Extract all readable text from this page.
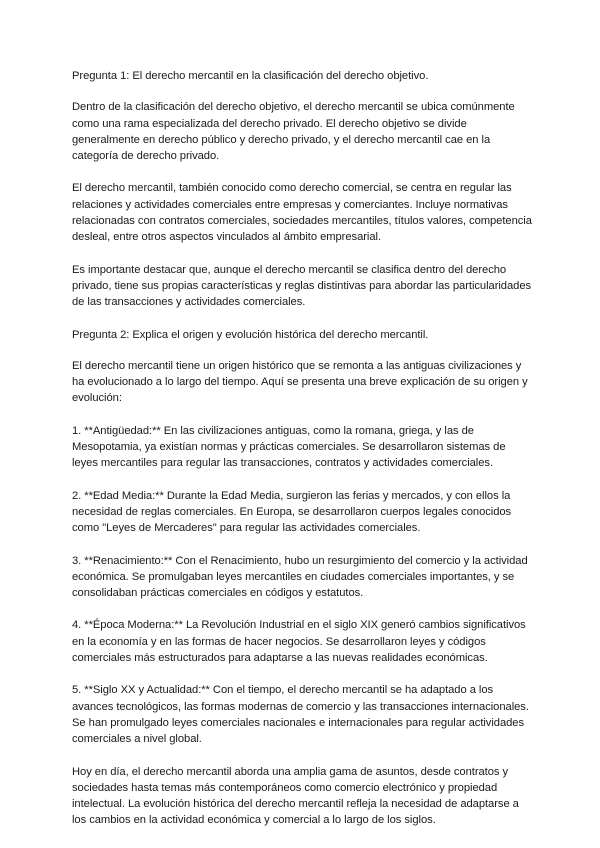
Pregunta 1: El derecho mercantil en la clasificación del derecho objetivo.

Dentro de la clasificación del derecho objetivo, el derecho mercantil se ubica comúnmente como una rama especializada del derecho privado. El derecho objetivo se divide generalmente en derecho público y derecho privado, y el derecho mercantil cae en la categoría de derecho privado.

El derecho mercantil, también conocido como derecho comercial, se centra en regular las relaciones y actividades comerciales entre empresas y comerciantes. Incluye normativas relacionadas con contratos comerciales, sociedades mercantiles, títulos valores, competencia desleal, entre otros aspectos vinculados al ámbito empresarial.

Es importante destacar que, aunque el derecho mercantil se clasifica dentro del derecho privado, tiene sus propias características y reglas distintivas para abordar las particularidades de las transacciones y actividades comerciales.

Pregunta 2: Explica el origen y evolución histórica del derecho mercantil.

El derecho mercantil tiene un origen histórico que se remonta a las antiguas civilizaciones y ha evolucionado a lo largo del tiempo. Aquí se presenta una breve explicación de su origen y evolución:

1. **Antigüedad:** En las civilizaciones antiguas, como la romana, griega, y las de Mesopotamia, ya existían normas y prácticas comerciales. Se desarrollaron sistemas de leyes mercantiles para regular las transacciones, contratos y actividades comerciales.

2. **Edad Media:** Durante la Edad Media, surgieron las ferias y mercados, y con ellos la necesidad de reglas comerciales. En Europa, se desarrollaron cuerpos legales conocidos como "Leyes de Mercaderes" para regular las actividades comerciales.

3. **Renacimiento:** Con el Renacimiento, hubo un resurgimiento del comercio y la actividad económica. Se promulgaban leyes mercantiles en ciudades comerciales importantes, y se consolidaban prácticas comerciales en códigos y estatutos.

4. **Época Moderna:** La Revolución Industrial en el siglo XIX generó cambios significativos en la economía y en las formas de hacer negocios. Se desarrollaron leyes y códigos comerciales más estructurados para adaptarse a las nuevas realidades económicas.

5. **Siglo XX y Actualidad:** Con el tiempo, el derecho mercantil se ha adaptado a los avances tecnológicos, las formas modernas de comercio y las transacciones internacionales. Se han promulgado leyes comerciales nacionales e internacionales para regular actividades comerciales a nivel global.

Hoy en día, el derecho mercantil aborda una amplia gama de asuntos, desde contratos y sociedades hasta temas más contemporáneos como comercio electrónico y propiedad intelectual. La evolución histórica del derecho mercantil refleja la necesidad de adaptarse a los cambios en la actividad económica y comercial a lo largo de los siglos.
